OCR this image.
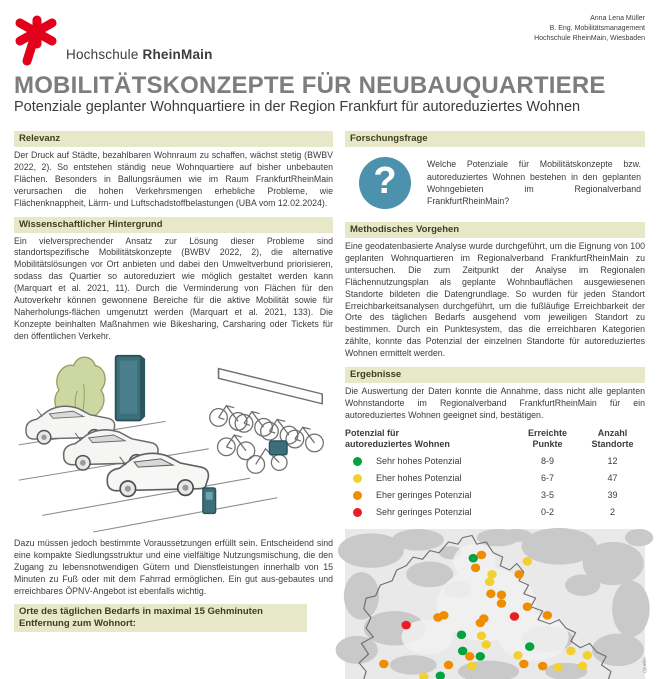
Hochschule RheinMain
Anna Lena Müller
B. Eng. Mobilitätsmanagement
Hochschule RheinMain, Wiesbaden
MOBILITÄTSKONZEPTE FÜR NEUBAUQUARTIERE
Potenziale geplanter Wohnquartiere in der Region Frankfurt für autoreduziertes Wohnen
Relevanz
Der Druck auf Städte, bezahlbaren Wohnraum zu schaffen, wächst stetig (BWBV 2022, 2). So entstehen ständig neue Wohnquartiere auf bisher unbebauten Flächen. Besonders in Ballungsräumen wie im Raum FrankfurtRheinMain verursachen die hohen Verkehrsmengen erhebliche Probleme, wie Flächenknappheit, Lärm- und Luftschadstoffbelastungen (UBA vom 12.02.2024).
Wissenschaftlicher Hintergrund
Ein vielversprechender Ansatz zur Lösung dieser Probleme sind standortspezifische Mobilitätskonzepte (BWBV 2022, 2), die alternative Mobilitätslösungen vor Ort anbieten und dabei den Umweltverbund priorisieren, sodass das Quartier so autoreduziert wie möglich gestaltet werden kann (Marquart et al. 2021, 11). Durch die Verminderung von Flächen für den Autoverkehr können gewonnene Bereiche für die aktive Mobilität sowie für Naherholungs-flächen umgenutzt werden (Marquart et al. 2021, 133). Die Konzepte beinhalten Maßnahmen wie Bikesharing, Carsharing oder Tickets für den öffentlichen Verkehr.
Dazu müssen jedoch bestimmte Voraussetzungen erfüllt sein. Entscheidend sind eine kompakte Siedlungsstruktur und eine vielfältige Nutzungsmischung, die den Zugang zu lebensnotwendigen Gütern und Dienstleistungen innerhalb von 15 Minuten zu Fuß oder mit dem Fahrrad ermöglichen. Ein gut aus-gebautes und erreichbares ÖPNV-Angebot ist ebenfalls wichtig.
Orte des täglichen Bedarfs in maximal 15 Gehminuten Entfernung zum Wohnort:
Forschungsfrage
?	Welche Potenziale für Mobilitätskonzepte bzw. autoreduziertes Wohnen bestehen in den geplanten Wohngebieten im Regionalverband FrankfurtRheinMain?
Methodisches Vorgehen
Eine geodatenbasierte Analyse wurde durchgeführt, um die Eignung von 100 geplanten Wohnquartieren im Regionalverband FrankfurtRheinMain zu untersuchen. Die zum Zeitpunkt der Analyse im Regionalen Flächennutzungsplan als geplante Wohnbauflächen ausgewiesenen Standorte bildeten die Datengrundlage. So wurden für jeden Standort Erreichbarkeitsanalysen durchgeführt, um die fußläufige Erreichbarkeit der Orte des täglichen Bedarfs ausgehend vom jeweiligen Standort zu bestimmen. Durch ein Punktesystem, das die erreichbaren Kategorien zählte, konnte das Potenzial der einzelnen Standorte für autoreduziertes Wohnen ermittelt werden.
Ergebnisse
Die Auswertung der Daten konnte die Annahme, dass nicht alle geplanten Wohnstandorte im Regionalverband FrankfurtRheinMain für ein autoreduziertes Wohnen geeignet sind, bestätigen.
Potenzial für
autoreduziertes Wohnen
Erreichte
Punkte
Anzahl
Standorte
Sehr hohes Potenzial	8-9	12
Eher hohes Potenzial	6-7	47
Eher geringes Potenzial	3-5	39
Sehr geringes Potenzial	0-2	2
(Quelle:
